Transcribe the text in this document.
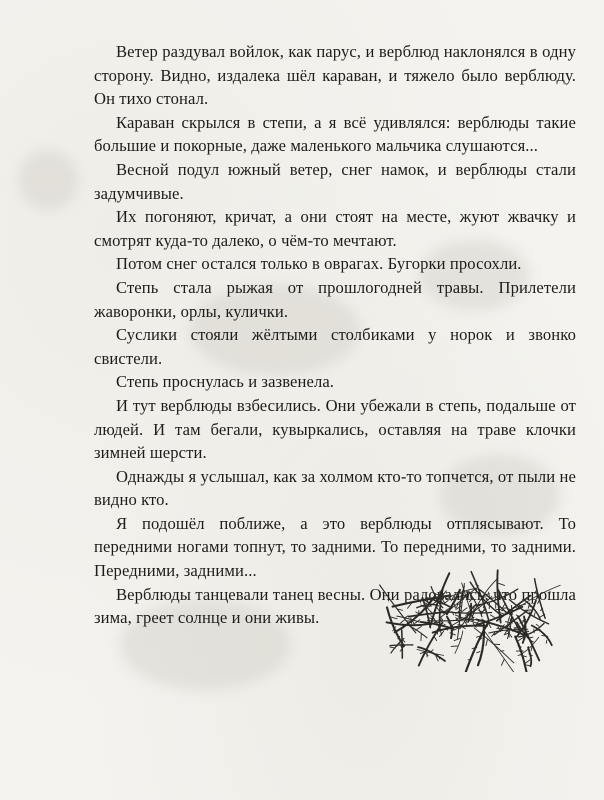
Ветер раздувал войлок, как парус, и верблюд наклонялся в одну сторону. Видно, издалека шёл караван, и тяжело было верблюду. Он тихо стонал.

Караван скрылся в степи, а я всё удивлялся: верблюды такие большие и покорные, даже маленького мальчика слушаются...

Весной подул южный ветер, снег намок, и верблюды стали задумчивые.

Их погоняют, кричат, а они стоят на месте, жуют жвачку и смотрят куда-то далеко, о чём-то мечтают.

Потом снег остался только в оврагах. Бугорки просохли.

Степь стала рыжая от прошлогодней травы. Прилетели жаворонки, орлы, кулички.

Суслики стояли жёлтыми столбиками у норок и звонко свистели.

Степь проснулась и зазвенела.

И тут верблюды взбесились. Они убежали в степь, подальше от людей. И там бегали, кувыркались, оставляя на траве клочки зимней шерсти.

Однажды я услышал, как за холмом кто-то топчется, от пыли не видно кто.

Я подошёл поближе, а это верблюды отплясывают. То передними ногами топнут, то задними. То передними, то задними. Передними, задними...

Верблюды танцевали танец весны. Они радовались, что прошла зима, греет солнце и они живы.
